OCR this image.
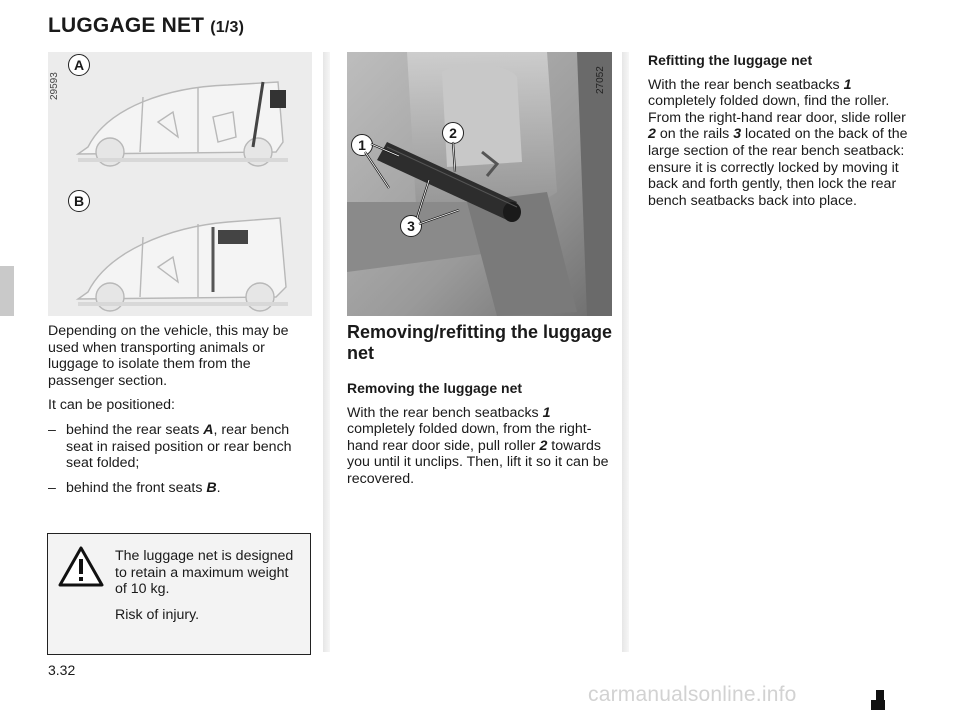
LUGGAGE NET (1/3)
29593
A
B
27052
1
2
3

Depending on the vehicle, this may be used when transporting animals or luggage to isolate them from the passenger section.

It can be positioned:

– behind the rear seats A, rear bench seat in raised position or rear bench seat folded;
– behind the front seats B.

The luggage net is designed to retain a maximum weight of 10 kg.

Risk of injury.

Removing/refitting the luggage net
Removing the luggage net

With the rear bench seatbacks 1 completely folded down, from the right-hand rear door side, pull roller 2 towards you until it unclips. Then, lift it so it can be recovered.

Refitting the luggage net

With the rear bench seatbacks 1 completely folded down, find the roller.

From the right-hand rear door, slide roller 2 on the rails 3 located on the back of the large section of the rear bench seatback: ensure it is correctly locked by moving it back and forth gently, then lock the rear bench seatbacks back into place.

3.32
carmanualsonline.info
